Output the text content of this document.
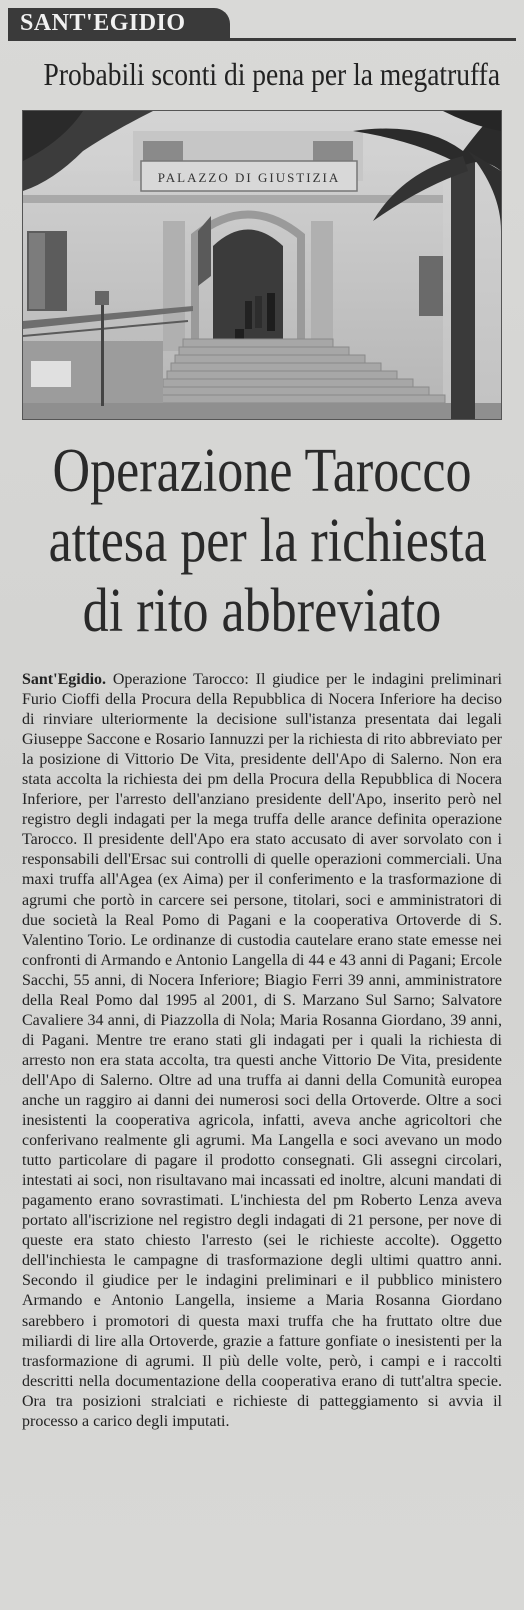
SANT'EGIDIO
Probabili sconti di pena per la megatruffa
PALAZZO DI GIUSTIZIA
Operazione Tarocco
attesa per la richiesta
di rito abbreviato
Sant'Egidio. Operazione Tarocco: Il giudice per le indagini preliminari Furio Cioffi della Procura della Repubblica di Nocera Inferiore ha deciso di rinviare ulteriormente la decisione sull'istanza presentata dai legali Giuseppe Saccone e Rosario Iannuzzi per la richiesta di rito abbreviato per la posizione di Vittorio De Vita, presidente dell'Apo di Salerno. Non era stata accolta la richiesta dei pm della Procura della Repubblica di Nocera Inferiore, per l'arresto dell'anziano presidente dell'Apo, inserito però nel registro degli indagati per la mega truffa delle arance definita operazione Tarocco. Il presidente dell'Apo era stato accusato di aver sorvolato con i responsabili dell'Ersac sui controlli di quelle operazioni commerciali. Una maxi truffa all'Agea (ex Aima) per il conferimento e la trasformazione di agrumi che portò in carcere sei persone, titolari, soci e amministratori di due società la Real Pomo di Pagani e la cooperativa Ortoverde di S. Valentino Torio. Le ordinanze di custodia cautelare erano state emesse nei confronti di Armando e Antonio Langella di 44 e 43 anni di Pagani; Ercole Sacchi, 55 anni, di Nocera Inferiore; Biagio Ferri 39 anni, amministratore della Real Pomo dal 1995 al 2001, di S. Marzano Sul Sarno; Salvatore Cavaliere 34 anni, di Piazzolla di Nola; Maria Rosanna Giordano, 39 anni, di Pagani. Mentre tre erano stati gli indagati per i quali la richiesta di arresto non era stata accolta, tra questi anche Vittorio De Vita, presidente dell'Apo di Salerno. Oltre ad una truffa ai danni della Comunità europea anche un raggiro ai danni dei numerosi soci della Ortoverde. Oltre a soci inesistenti la cooperativa agricola, infatti, aveva anche agricoltori che conferivano realmente gli agrumi. Ma Langella e soci avevano un modo tutto particolare di pagare il prodotto consegnati. Gli assegni circolari, intestati ai soci, non risultavano mai incassati ed inoltre, alcuni mandati di pagamento erano sovrastimati. L'inchiesta del pm Roberto Lenza aveva portato all'iscrizione nel registro degli indagati di 21 persone, per nove di queste era stato chiesto l'arresto (sei le richieste accolte). Oggetto dell'inchiesta le campagne di trasformazione degli ultimi quattro anni. Secondo il giudice per le indagini preliminari e il pubblico ministero Armando e Antonio Langella, insieme a Maria Rosanna Giordano sarebbero i promotori di questa maxi truffa che ha fruttato oltre due miliardi di lire alla Ortoverde, grazie a fatture gonfiate o inesistenti per la trasformazione di agrumi. Il più delle volte, però, i campi e i raccolti descritti nella documentazione della cooperativa erano di tutt'altra specie. Ora tra posizioni stralciati e richieste di patteggiamento si avvia il processo a carico degli imputati.
